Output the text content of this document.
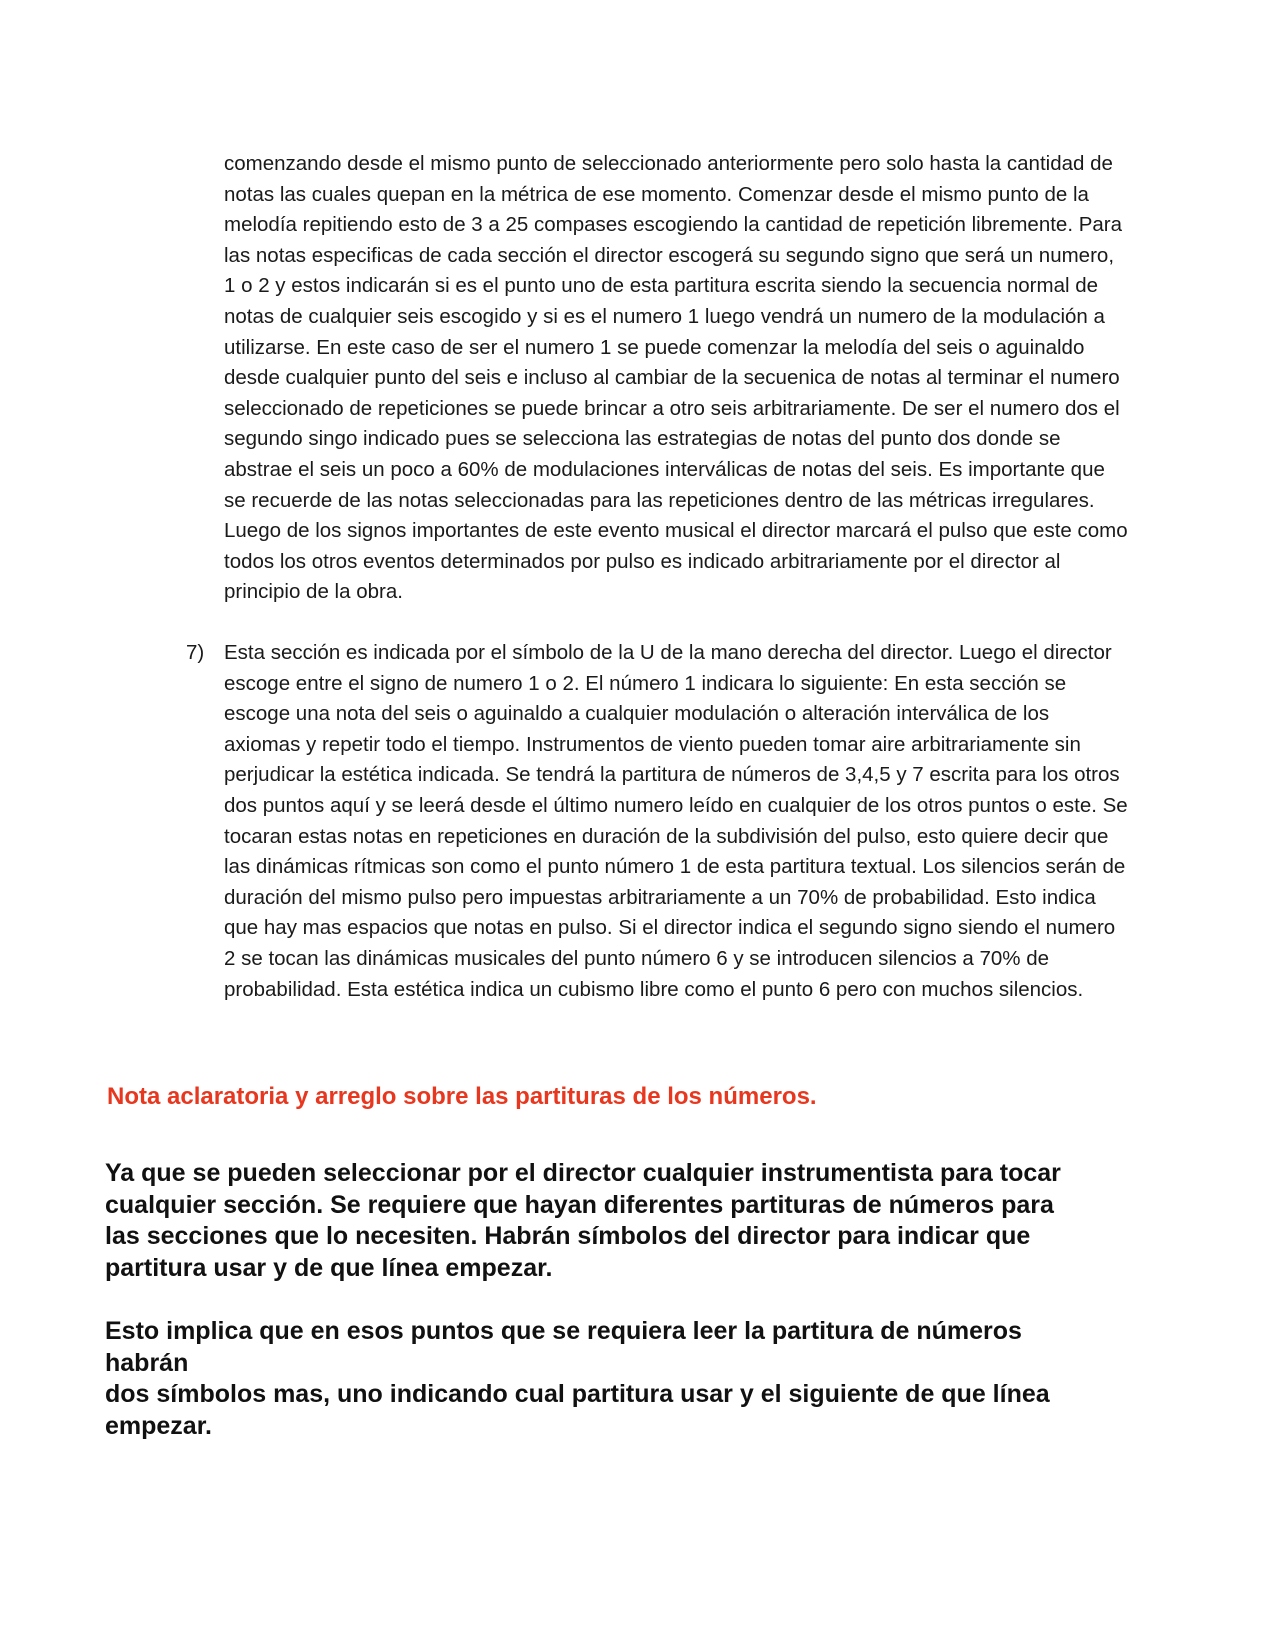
comenzando desde el mismo punto de seleccionado anteriormente pero solo hasta la cantidad de notas las cuales quepan en la métrica de ese momento. Comenzar desde el mismo punto de la melodía repitiendo esto de 3 a 25 compases escogiendo la cantidad de repetición libremente. Para las notas especificas de cada sección el director escogerá su segundo signo que será un numero, 1 o 2 y estos indicarán si es el punto uno de esta partitura escrita siendo la secuencia normal de notas de cualquier seis escogido y si es el numero 1 luego vendrá un numero de la modulación a utilizarse. En este caso de ser el numero 1 se puede comenzar la melodía del seis o aguinaldo desde cualquier punto del seis e incluso al cambiar de la secuenica de notas al terminar el numero seleccionado de repeticiones se puede brincar a otro seis arbitrariamente. De ser el numero dos el segundo singo indicado pues se selecciona las estrategias de notas del punto dos donde se abstrae el seis un poco a 60% de modulaciones interválicas de notas del seis. Es importante que se recuerde de las notas seleccionadas para las repeticiones dentro de las métricas irregulares. Luego de los signos importantes de este evento musical el director marcará el pulso que este como todos los otros eventos determinados por pulso es indicado arbitrariamente por el director al principio de la obra.

7) Esta sección es indicada por el símbolo de la U de la mano derecha del director. Luego el director escoge entre el signo de numero 1 o 2. El número 1 indicara lo siguiente: En esta sección se escoge una nota del seis o aguinaldo a cualquier modulación o alteración interválica de los axiomas y repetir todo el tiempo. Instrumentos de viento pueden tomar aire arbitrariamente sin perjudicar la estética indicada. Se tendrá la partitura de números de 3,4,5 y 7 escrita para los otros dos puntos aquí y se leerá desde el último numero leído en cualquier de los otros puntos o este. Se tocaran estas notas en repeticiones en duración de la subdivisión del pulso, esto quiere decir que las dinámicas rítmicas son como el punto número 1 de esta partitura textual. Los silencios serán de duración del mismo pulso pero impuestas arbitrariamente a un 70% de probabilidad. Esto indica que hay mas espacios que notas en pulso. Si el director indica el segundo signo siendo el numero 2 se tocan las dinámicas musicales del punto número 6 y se introducen silencios a 70% de probabilidad. Esta estética indica un cubismo libre como el punto 6 pero con muchos silencios.
Nota aclaratoria y arreglo sobre las partituras de los números.

Ya que se pueden seleccionar por el director cualquier instrumentista para tocar
cualquier sección. Se requiere que hayan diferentes partituras de números para
las secciones que lo necesiten. Habrán símbolos del director para indicar que
partitura usar y de que línea empezar.

Esto implica que en esos puntos que se requiera leer la partitura de números
habrán
dos símbolos mas, uno indicando cual partitura usar y el siguiente de que línea
empezar.
